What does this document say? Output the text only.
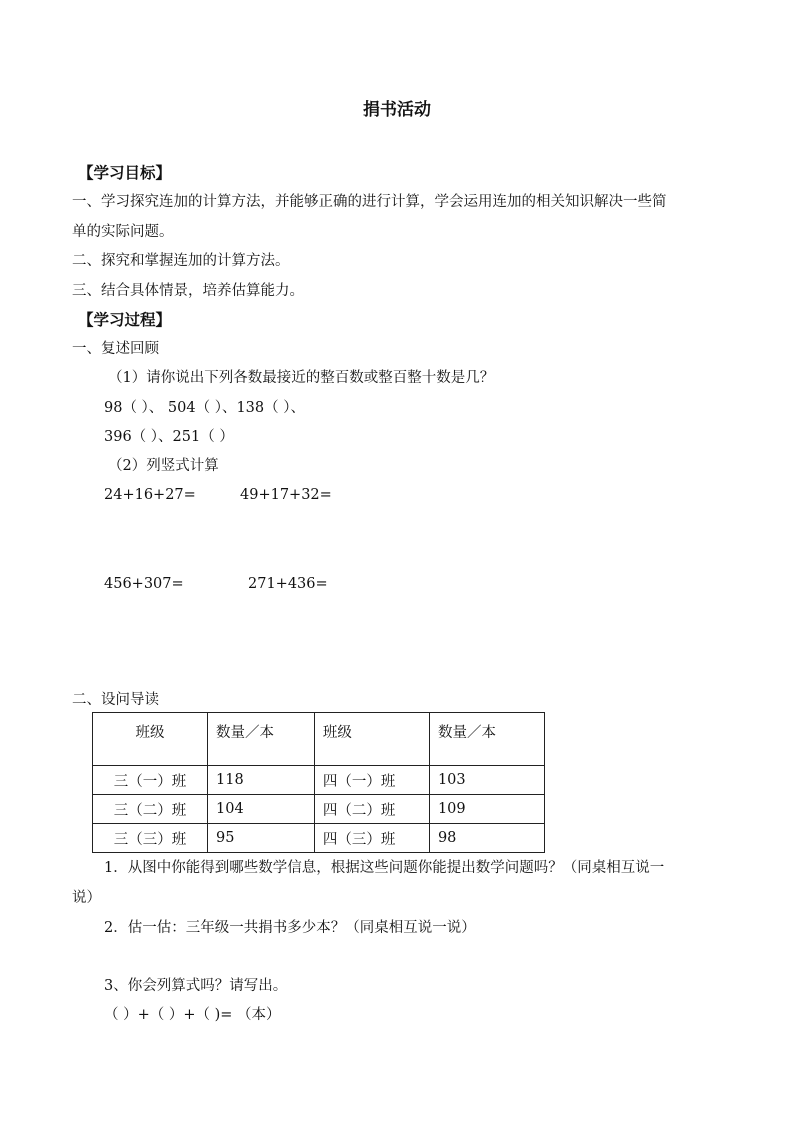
捐书活动
【学习目标】
一、学习探究连加的计算方法，并能够正确的进行计算，学会运用连加的相关知识解决一些简
单的实际问题。
二、探究和掌握连加的计算方法。
三、结合具体情景，培养估算能力。
【学习过程】
一、复述回顾
（1）请你说出下列各数最接近的整百数或整百整十数是几？
98（ ）、 504（ ）、138（ ）、
396（ ）、251（ ）
（2）列竖式计算
24+16+27=	49+17+32=
456+307=	271+436=
二、设问导读
班级	数量／本	班级	数量／本
三（一）班	118	四（一）班	103
三（二）班	104	四（二）班	109
三（三）班	95	四（三）班	98
1．从图中你能得到哪些数学信息，根据这些问题你能提出数学问题吗？（同桌相互说一
说）
2．估一估：三年级一共捐书多少本？（同桌相互说一说）
3、你会列算式吗？请写出。
（ ）+（ ）+（ )= （本）
